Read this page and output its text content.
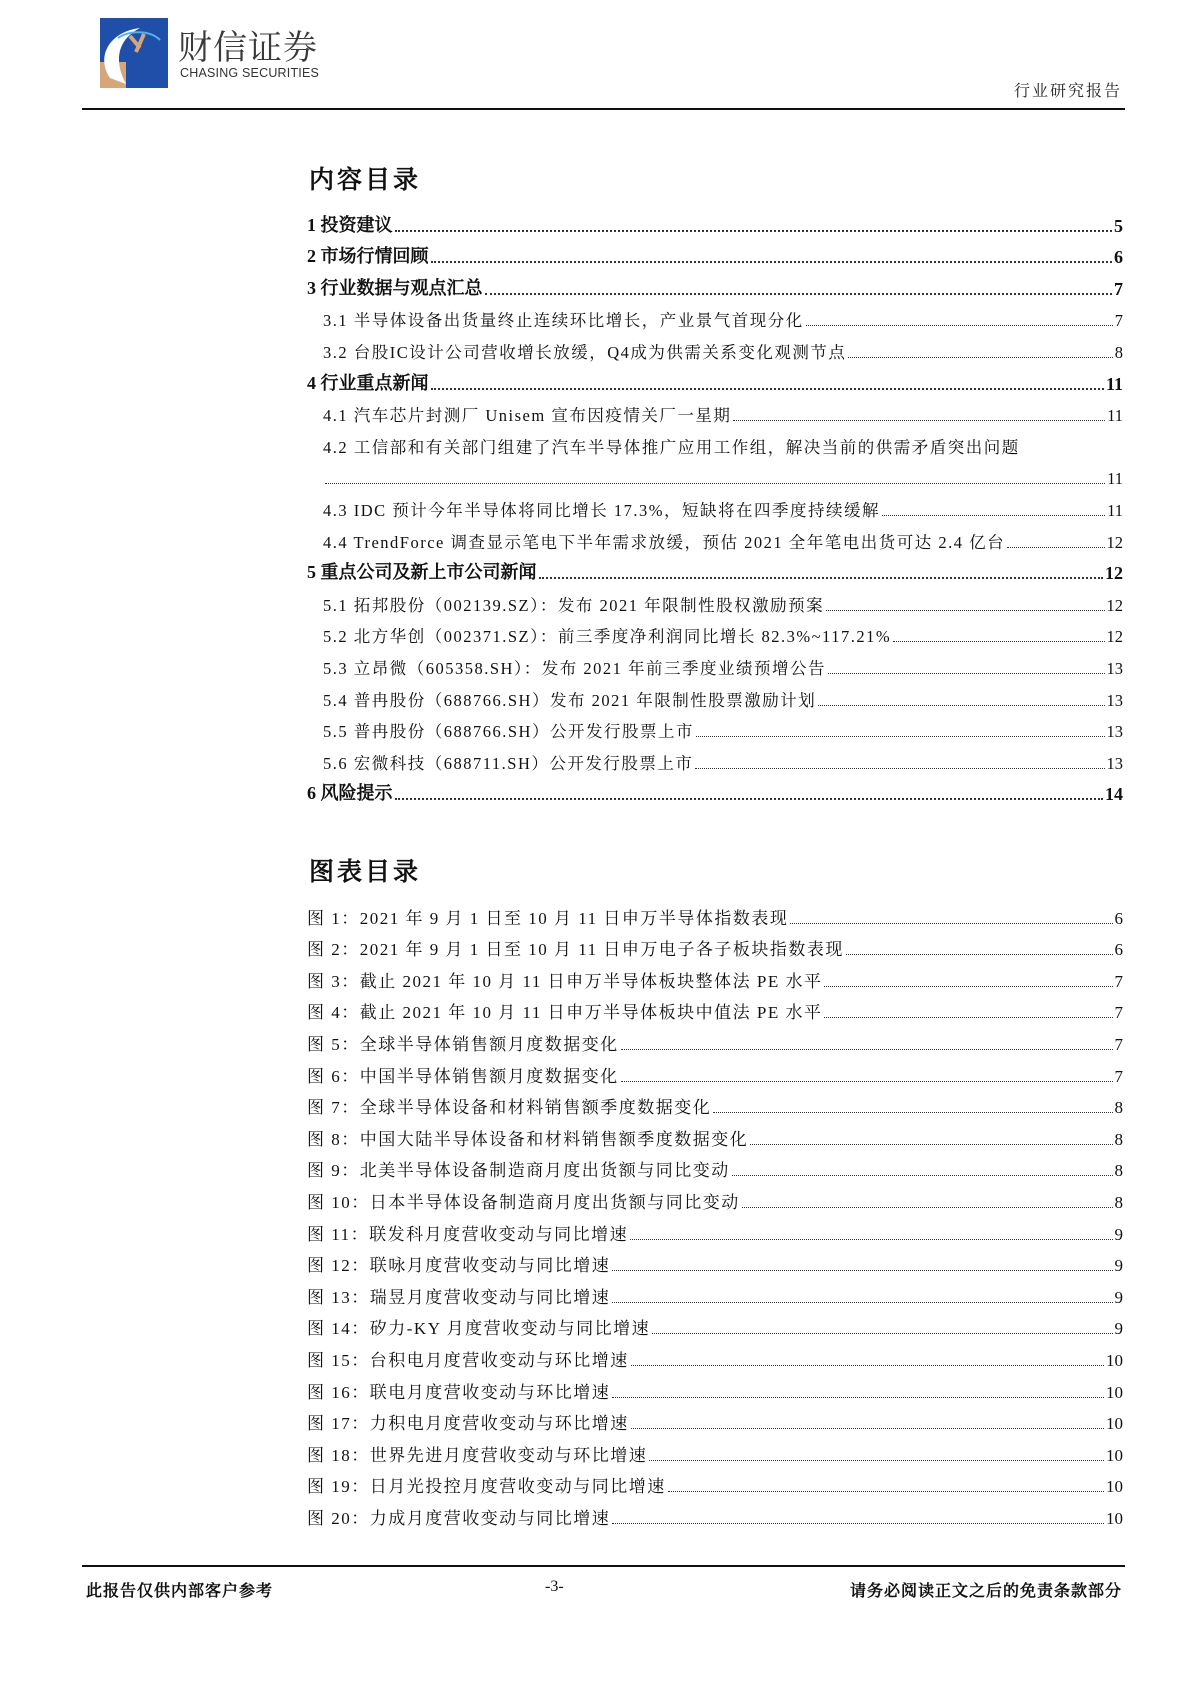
财信证券
CHASING SECURITIES
行业研究报告
内容目录
1 投资建议	5
2 市场行情回顾	6
3 行业数据与观点汇总	7
3.1 半导体设备出货量终止连续环比增长，产业景气首现分化	7
3.2 台股IC设计公司营收增长放缓，Q4成为供需关系变化观测节点	8
4 行业重点新闻	11
4.1 汽车芯片封测厂 Unisem 宣布因疫情关厂一星期	11
4.2 工信部和有关部门组建了汽车半导体推广应用工作组，解决当前的供需矛盾突出问题
11
4.3 IDC 预计今年半导体将同比增长 17.3%，短缺将在四季度持续缓解	11
4.4 TrendForce 调查显示笔电下半年需求放缓，预估 2021 全年笔电出货可达 2.4 亿台	12
5 重点公司及新上市公司新闻	12
5.1 拓邦股份（002139.SZ）：发布 2021 年限制性股权激励预案	12
5.2 北方华创（002371.SZ）：前三季度净利润同比增长 82.3%~117.21%	12
5.3 立昂微（605358.SH）：发布 2021 年前三季度业绩预增公告	13
5.4 普冉股份（688766.SH）发布 2021 年限制性股票激励计划	13
5.5 普冉股份（688766.SH）公开发行股票上市	13
5.6 宏微科技（688711.SH）公开发行股票上市	13
6 风险提示	14
图表目录
图 1：2021 年 9 月 1 日至 10 月 11 日申万半导体指数表现	6
图 2：2021 年 9 月 1 日至 10 月 11 日申万电子各子板块指数表现	6
图 3：截止 2021 年 10 月 11 日申万半导体板块整体法 PE 水平	7
图 4：截止 2021 年 10 月 11 日申万半导体板块中值法 PE 水平	7
图 5：全球半导体销售额月度数据变化	7
图 6：中国半导体销售额月度数据变化	7
图 7：全球半导体设备和材料销售额季度数据变化	8
图 8：中国大陆半导体设备和材料销售额季度数据变化	8
图 9：北美半导体设备制造商月度出货额与同比变动	8
图 10：日本半导体设备制造商月度出货额与同比变动	8
图 11：联发科月度营收变动与同比增速	9
图 12：联咏月度营收变动与同比增速	9
图 13：瑞昱月度营收变动与同比增速	9
图 14：矽力-KY 月度营收变动与同比增速	9
图 15：台积电月度营收变动与环比增速	10
图 16：联电月度营收变动与环比增速	10
图 17：力积电月度营收变动与环比增速	10
图 18：世界先进月度营收变动与环比增速	10
图 19：日月光投控月度营收变动与同比增速	10
图 20：力成月度营收变动与同比增速	10
此报告仅供内部客户参考	-3-	请务必阅读正文之后的免责条款部分
